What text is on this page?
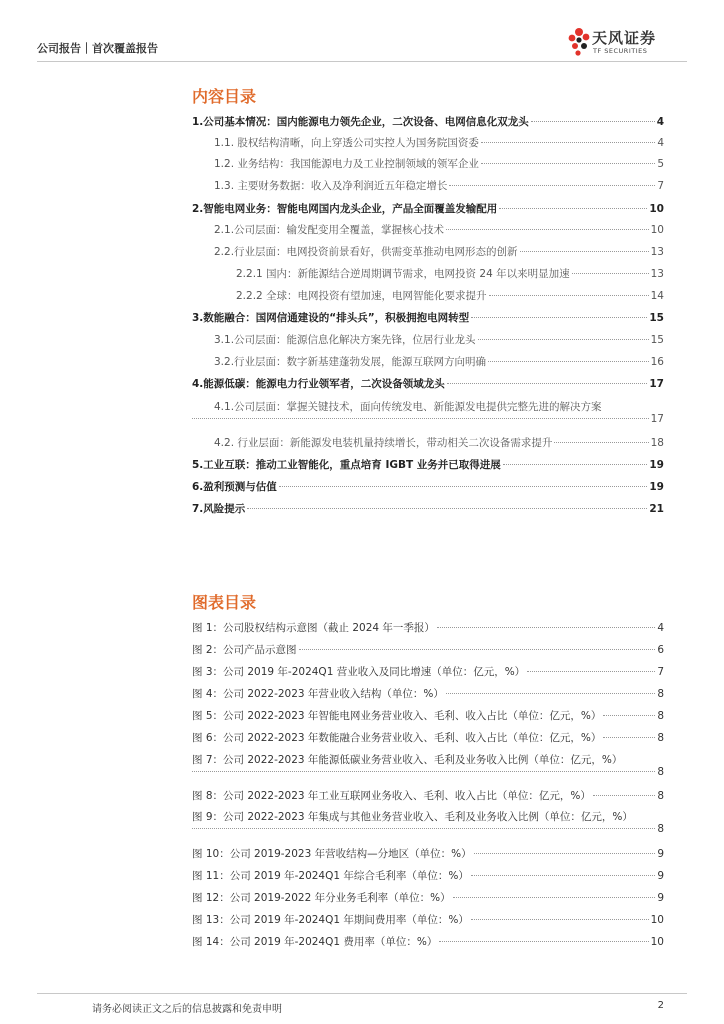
公司报告｜首次覆盖报告
天风证券
TF SECURITIES
内容目录
1.公司基本情况：国内能源电力领先企业，二次设备、电网信息化双龙头	4
1.1. 股权结构清晰，向上穿透公司实控人为国务院国资委	4
1.2. 业务结构：我国能源电力及工业控制领域的领军企业	5
1.3. 主要财务数据：收入及净利润近五年稳定增长	7
2.智能电网业务：智能电网国内龙头企业，产品全面覆盖发输配用	10
2.1.公司层面：输发配变用全覆盖，掌握核心技术	10
2.2.行业层面：电网投资前景看好，供需变革推动电网形态的创新	13
2.2.1 国内：新能源结合逆周期调节需求，电网投资 24 年以来明显加速	13
2.2.2 全球：电网投资有望加速，电网智能化要求提升	14
3.数能融合：国网信通建设的“排头兵”，积极拥抱电网转型	15
3.1.公司层面：能源信息化解决方案先锋，位居行业龙头	15
3.2.行业层面：数字新基建蓬勃发展，能源互联网方向明确	16
4.能源低碳：能源电力行业领军者，二次设备领域龙头	17
4.1.公司层面：掌握关键技术，面向传统发电、新能源发电提供完整先进的解决方案
17
4.2. 行业层面：新能源发电装机量持续增长，带动相关二次设备需求提升	18
5.工业互联：推动工业智能化，重点培育 IGBT 业务并已取得进展	19
6.盈利预测与估值	19
7.风险提示	21
图表目录
图 1：公司股权结构示意图（截止 2024 年一季报）	4
图 2：公司产品示意图	6
图 3：公司 2019 年-2024Q1 营业收入及同比增速（单位：亿元，%）	7
图 4：公司 2022-2023 年营业收入结构（单位：%）	8
图 5：公司 2022-2023 年智能电网业务营业收入、毛利、收入占比（单位：亿元，%）	8
图 6：公司 2022-2023 年数能融合业务营业收入、毛利、收入占比（单位：亿元，%）	8
图 7：公司 2022-2023 年能源低碳业务营业收入、毛利及业务收入比例（单位：亿元，%）
8
图 8：公司 2022-2023 年工业互联网业务收入、毛利、收入占比（单位：亿元，%）	8
图 9：公司 2022-2023 年集成与其他业务营业收入、毛利及业务收入比例（单位：亿元，%）
8
图 10：公司 2019-2023 年营收结构—分地区（单位：%）	9
图 11：公司 2019 年-2024Q1 年综合毛利率（单位：%）	9
图 12：公司 2019-2022 年分业务毛利率（单位：%）	9
图 13：公司 2019 年-2024Q1 年期间费用率（单位：%）	10
图 14：公司 2019 年-2024Q1 费用率（单位：%）	10
请务必阅读正文之后的信息披露和免责申明	2
